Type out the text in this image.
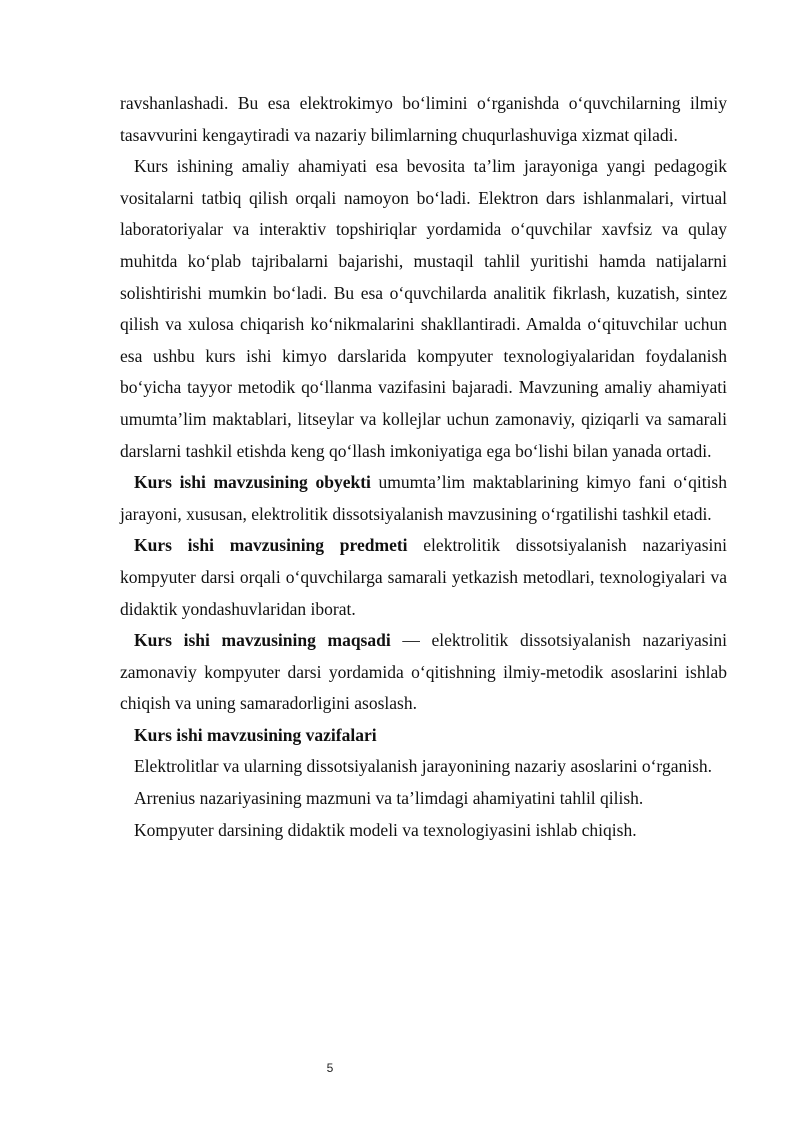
ravshanlashadi. Bu esa elektrokimyo bo‘limini o‘rganishda o‘quvchilarning ilmiy tasavvurini kengaytiradi va nazariy bilimlarning chuqurlashuviga xizmat qiladi.

Kurs ishining amaliy ahamiyati esa bevosita ta’lim jarayoniga yangi pedagogik vositalarni tatbiq qilish orqali namoyon bo‘ladi. Elektron dars ishlanmalari, virtual laboratoriyalar va interaktiv topshiriqlar yordamida o‘quvchilar xavfsiz va qulay muhitda ko‘plab tajribalarni bajarishi, mustaqil tahlil yuritishi hamda natijalarni solishtirishi mumkin bo‘ladi. Bu esa o‘quvchilarda analitik fikrlash, kuzatish, sintez qilish va xulosa chiqarish ko‘nikmalarini shakllantiradi. Amalda o‘qituvchilar uchun esa ushbu kurs ishi kimyo darslarida kompyuter texnologiyalaridan foydalanish bo‘yicha tayyor metodik qo‘llanma vazifasini bajaradi. Mavzuning amaliy ahamiyati umumta’lim maktablari, litseylar va kollejlar uchun zamonaviy, qiziqarli va samarali darslarni tashkil etishda keng qo‘llash imkoniyatiga ega bo‘lishi bilan yanada ortadi.

Kurs ishi mavzusining obyekti umumta’lim maktablarining kimyo fani o‘qitish jarayoni, xususan, elektrolitik dissotsiyalanish mavzusining o‘rgatilishi tashkil etadi.

Kurs ishi mavzusining predmeti elektrolitik dissotsiyalanish nazariyasini kompyuter darsi orqali o‘quvchilarga samarali yetkazish metodlari, texnologiyalari va didaktik yondashuvlaridan iborat.

Kurs ishi mavzusining maqsadi — elektrolitik dissotsiyalanish nazariyasini zamonaviy kompyuter darsi yordamida o‘qitishning ilmiy-metodik asoslarini ishlab chiqish va uning samaradorligini asoslash.

Kurs ishi mavzusining vazifalari

Elektrolitlar va ularning dissotsiyalanish jarayonining nazariy asoslarini o‘rganish.

Arrenius nazariyasining mazmuni va ta’limdagi ahamiyatini tahlil qilish.

Kompyuter darsining didaktik modeli va texnologiyasini ishlab chiqish.

5
